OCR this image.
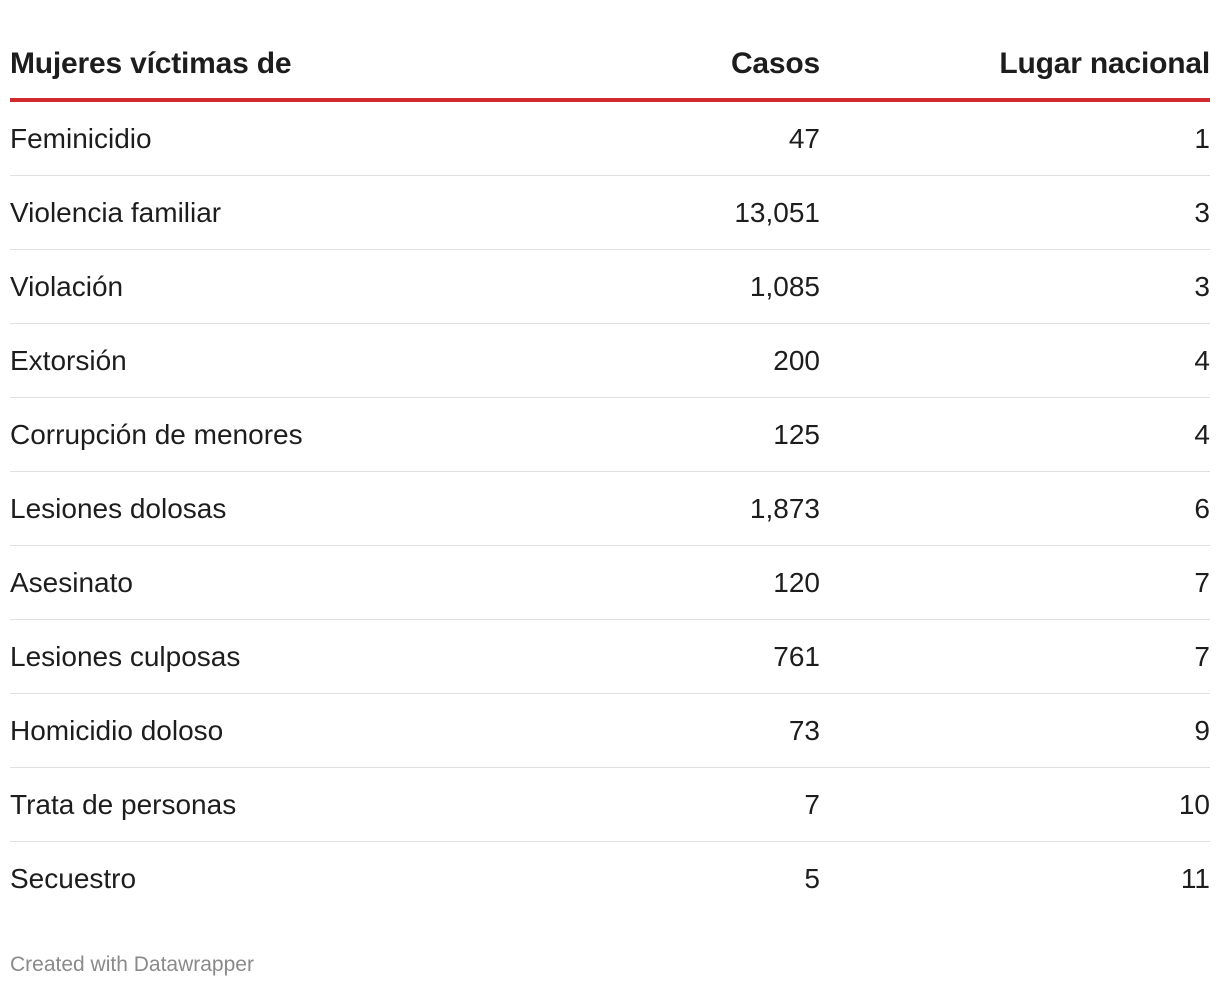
Mujeres víctimas de	Casos	Lugar nacional
Feminicidio	47	1
Violencia familiar	13,051	3
Violación	1,085	3
Extorsión	200	4
Corrupción de menores	125	4
Lesiones dolosas	1,873	6
Asesinato	120	7
Lesiones culposas	761	7
Homicidio doloso	73	9
Trata de personas	7	10
Secuestro	5	11
Created with Datawrapper
